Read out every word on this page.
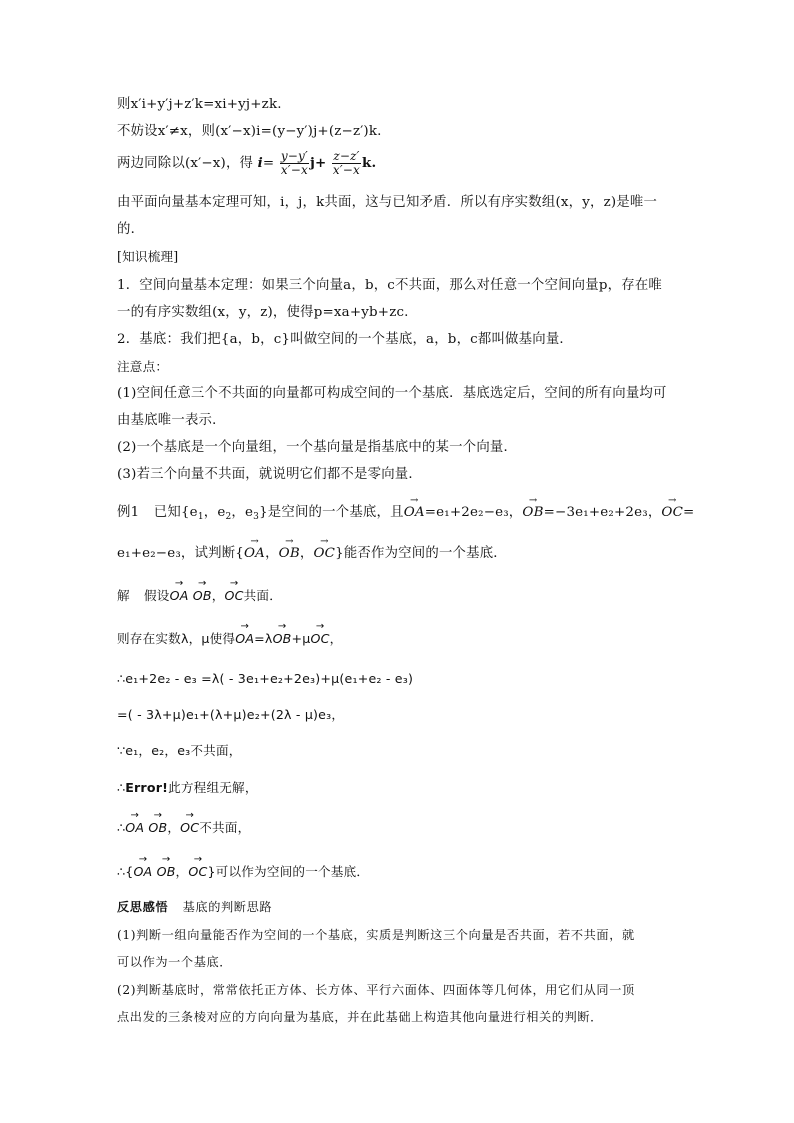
则x′i+y′j+z′k=xi+yj+zk.
不妨设x′≠x，则(x′−x)i=(y−y′)j+(z−z′)k.
两边同除以(x′−x)，得 $i= \frac{y-y'}{x'-x} j+ \frac{z-z'}{x'-x} k$.
由平面向量基本定理可知，i，j，k共面，这与已知矛盾．所以有序实数组(x，y，z)是唯一
的．
[知识梳理]
1．空间向量基本定理：如果三个向量a，b，c不共面，那么对任意一个空间向量p，存在唯
一的有序实数组(x，y，z)，使得p=xa+yb+zc.
2．基底：我们把{a，b，c}叫做空间的一个基底，a，b，c都叫做基向量．
注意点：
(1)空间任意三个不共面的向量都可构成空间的一个基底．基底选定后，空间的所有向量均可
由基底唯一表示．
(2)一个基底是一个向量组，一个基向量是指基底中的某一个向量．
(3)若三个向量不共面，就说明它们都不是零向量．
例1 已知{$e_1$，$e_2$，$e_3$}是空间的一个基底，且→ OA=e₁+2e₂−e₃，→ OB=−3e₁+e₂+2e₃，→ OC=
e₁+e₂−e₃，试判断{→ OA，→ OB，→ OC}能否作为空间的一个基底．
解 假设→ OA → OB，→ OC共面．
则存在实数λ，μ使得→ OA=λ→ OB+μ→ OC，
∴e₁+2e₂ - e₃ =λ( - 3e₁+e₂+2e₃)+μ(e₁+e₂ - e₃)
=( - 3λ+μ)e₁+(λ+μ)e₂+(2λ - μ)e₃，
∵e₁，e₂，e₃不共面，
∴Error!此方程组无解，
∴→ OA → OB，→ OC不共面，
∴{→ OA → OB，→ OC}可以作为空间的一个基底．
反思感悟 基底的判断思路
(1)判断一组向量能否作为空间的一个基底，实质是判断这三个向量是否共面，若不共面，就
可以作为一个基底．
(2)判断基底时，常常依托正方体、长方体、平行六面体、四面体等几何体，用它们从同一顶
点出发的三条棱对应的方向向量为基底，并在此基础上构造其他向量进行相关的判断．
